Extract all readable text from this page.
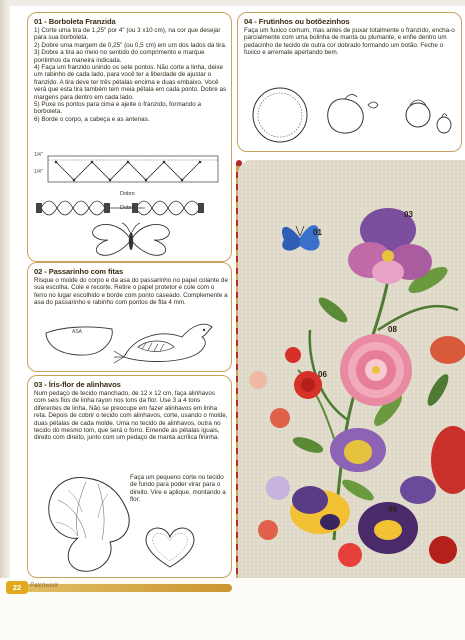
01 - Borboleta Franzida

1) Corte uma tira de 1,25" por 4" (ou 3 x10 cm), na cor que desejar para sua borboleta.

2) Dobre uma margem de 0,25" (ou 0,5 cm) em um dos lados da tira.

3) Dobre a tira ao meio no sentido do comprimento e marque pontinhos da maneira indicada.

4) Faça um franzido unindo os sete pontos. Não corte a linha, deixe um rabinho de cada lado, para você ter a liberdade de ajustar o franzido. A tira deve ter três pétalas encima e duas embaixo. Você verá que esta tira também tem meia pétala em cada ponto. Dobre as margens para dentro em cada lado.

5) Puxe os pontos para cima e ajeite o franzido, formando a borboleta.

6) Borde o corpo, a cabeça e as antenas.

1/4"
1/4"
Dobre
Dobre
04 - Frutinhos ou botõezinhos
Faça um fuxico comum, mas antes de puxar totalmente o franzido, encha-o parcialmente com uma bolinha de manta ou plumante, e enfie dentro um pedacinho de tecido de outra cor dobrado formando um botão. Feche o fuxico e arremate apertando bem.
02 - Passarinho com fitas
Risque o molde do corpo e da asa do passarinho no papel colante de sua escolha. Cole e recorte. Retire o papel protetor e cole com o ferro no lugar escolhido e borde com ponto caseado. Complemente a asa do passarinho e rabinho com pontos de fita 4 mm.
ASA
03 - Íris-flor de alinhavos
Num pedaço de tecido manchado, de 12 x 12 cm, faça alinhavos com seis fios de linha rayon nos tons da flor. Use 3 a 4 tons diferentes de linha. Não se preocupe em fazer alinhavos em linha reta. Depois de cobrir o tecido com alinhavos, corte, usando o molde, duas pétalas de cada molde. Uma no tecido de alinhavos, outra no tecido do mesmo tom, que será o forro. Emende as pétalas iguais, direito com direito, junto com um pedaço de manta acrílica fininha.
Faça um pequeno corte no tecido de fundo para poder virar para o direito. Vire e aplique, montando a flor.
01
03
08
06
09
22	Patchwork
